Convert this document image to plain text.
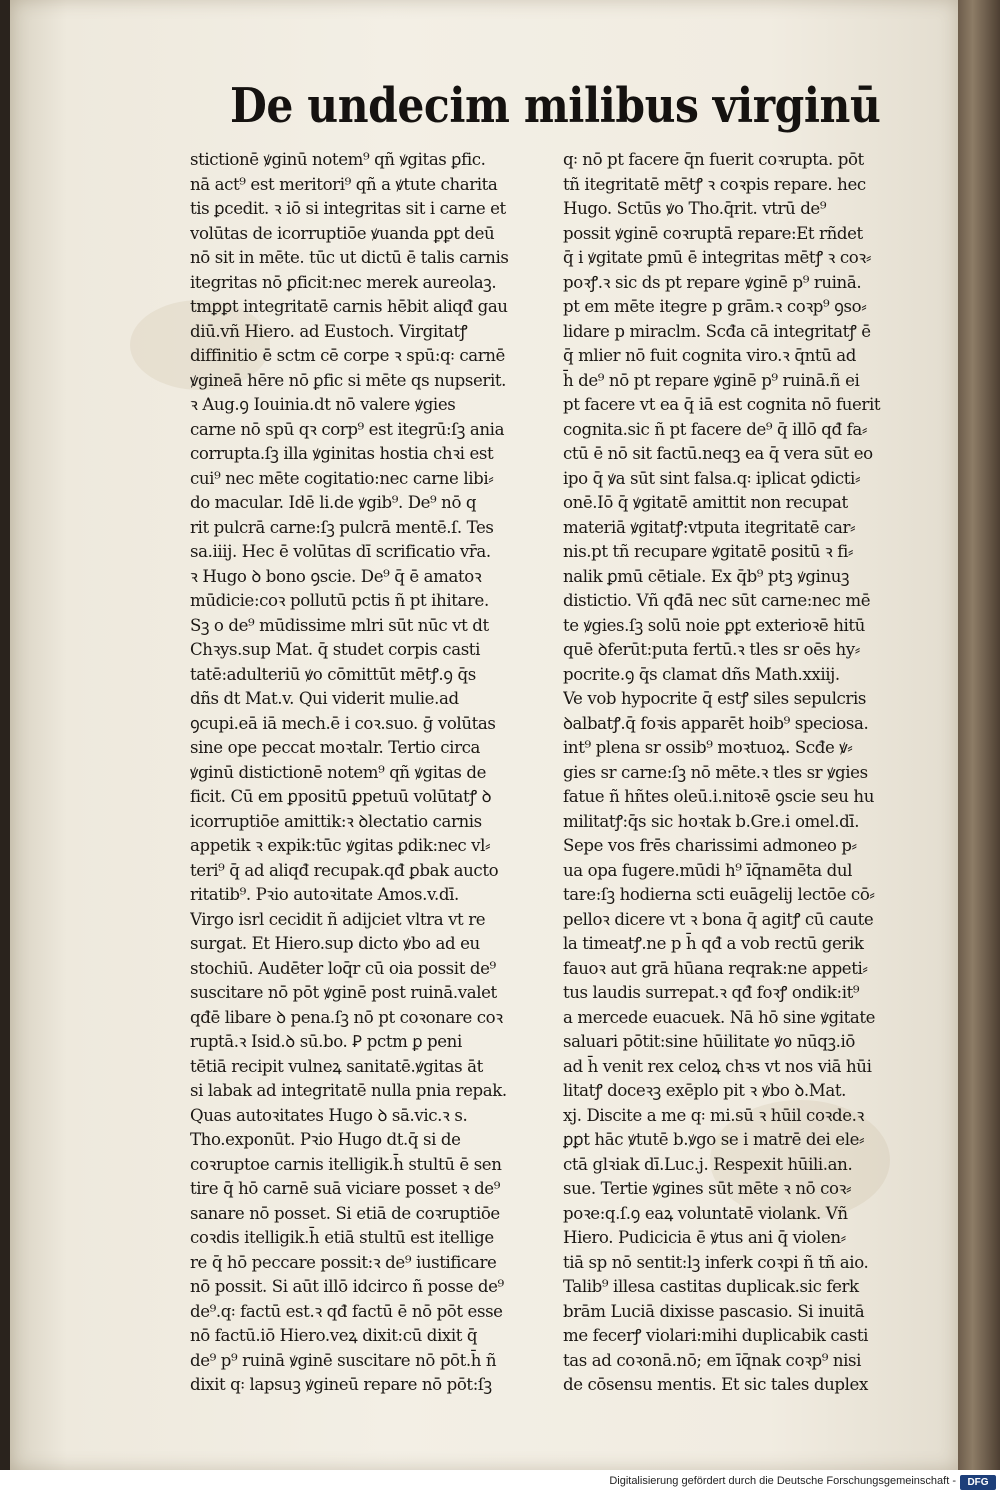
De undecim milibus virginū
stictionē ꝟginū notem⁹ qñ ꝟgitas ꝑfic.
nā act⁹ est meritori⁹ qñ a ꝟtute charita
tis ꝑcedit. ꝛ iō si integritas sit i carne et
volūtas de icorruptiōe ꝟuanda ꝑꝑt deū
nō sit in mēte. tūc ut dictū ē talis carnis
itegritas nō ꝑficit:nec merek aureolaꝫ.
tmꝑꝑt integritatē carnis hēbit aliqđ gau
diū.vñ Hiero. ad Eustoch. Virgitatꝭ
diffinitio ē sctm cē corpe ꝛ spū:q꞉ carnē
ꝟgineā hēre nō ꝑfic si mēte qs nupserit.
ꝛ Aug.ꝯ Iouinia.dt nō valere ꝟgies
carne nō spū qꝛ corp⁹ est itegrū:ſꝫ ania
corrupta.ſꝫ illa ꝟginitas hostia chꝛi est
cui⁹ nec mēte cogitatio:nec carne libi⸗
do macular. Idē li.de ꝟgib⁹. De⁹ nō q
rit pulcrā carne:ſꝫ pulcrā mentē.ſ. Tes
sa.iiij. Hec ē volūtas dī scrificatio vr̄a.
ꝛ Hugo ꝺ bono ꝯscie. De⁹ q̄ ē amatoꝛ
mūdicie:coꝛ pollutū pctis ñ pt ihitare.
Sꝫ o de⁹ mūdissime mlri sūt nūc vt dt
Chꝛys.sup Mat. q̄ studet corpis casti
tatē:adulteriū ꝟo cōmittūt mētꝭ.ꝯ q̄s
dñs dt Mat.v. Qui viderit mulie.ad
ꝯcupi.eā iā mech.ē i coꝛ.suo. ḡ volūtas
sine ope peccat moꝛtalr. Tertio circa
ꝟginū distictionē notem⁹ qñ ꝟgitas de
ficit. Cū em ꝑpositū ꝑpetuū volūtatꝭ ꝺ
icorruptiōe amittik:ꝛ ꝺlectatio carnis
appetik ꝛ expik:tūc ꝟgitas ꝑdik:nec vl⸗
teri⁹ q̄ ad aliqđ recupak.qđ ꝑbak aucto
ritatib⁹. Pꝛio autoꝛitate Amos.v.dī.
Virgo isrl cecidit ñ adijciet vltra vt re
surgat. Et Hiero.sup dicto ꝟbo ad eu
stochiū. Audēter loq̄r cū oia possit de⁹
suscitare nō pōt ꝟginē post ruinā.valet
qđē libare ꝺ pena.ſꝫ nō pt coꝛonare coꝛ
ruptā.ꝛ Isid.ꝺ sū.bo. Ꝑ pctm ꝑ peni
tētiā recipit vulneꝝ sanitatē.ꝟgitas āt
si labak ad integritatē nulla pnia repak.
Quas autoꝛitates Hugo ꝺ sā.vic.ꝛ s.
Tho.exponūt. Pꝛio Hugo dt.q̄ si de
coꝛruptoe carnis itelligik.h̄ stultū ē sen
tire q̄ hō carnē suā viciare posset ꝛ de⁹
sanare nō posset. Si etiā de coꝛruptiōe
coꝛdis itelligik.h̄ etiā stultū est itellige
re q̄ hō peccare possit:ꝛ de⁹ iustificare
nō possit. Si aūt illō idcirco ñ posse de⁹
de⁹.q꞉ factū est.ꝛ qđ factū ē nō pōt esse
nō factū.iō Hiero.veꝝ dixit:cū dixit q̄
de⁹ p⁹ ruinā ꝟginē suscitare nō pōt.h̄ ñ
dixit q꞉ lapsuꝫ ꝟgineū repare nō pōt:ſꝫ
q꞉ nō pt facere q̄n fuerit coꝛrupta. pōt
tñ itegritatē mētꝭ ꝛ coꝛpis repare. hec
Hugo. Sctūs ꝟo Tho.q̄rit. vtrū de⁹
possit ꝟginē coꝛruptā repare:Et rñdet
q̄ i ꝟgitate ꝑmū ē integritas mētꝭ ꝛ coꝛ⸗
poꝛꝭ.ꝛ sic ds pt repare ꝟginē p⁹ ruinā.
pt em mēte itegre p grām.ꝛ coꝛp⁹ ꝯso⸗
lidare p miraclm. Scđa cā integritatꝭ ē
q̄ mlier nō fuit cognita viro.ꝛ q̄ntū ad
h̄ de⁹ nō pt repare ꝟginē p⁹ ruinā.ñ ei
pt facere vt ea q̄ iā est cognita nō fuerit
cognita.sic ñ pt facere de⁹ q̄ illō qđ fa⸗
ctū ē nō sit factū.neqꝫ ea q̄ vera sūt eo
ipo q̄ ꝟa sūt sint falsa.q꞉ iplicat ꝯdicti⸗
onē.Iō q̄ ꝟgitatē amittit non recupat
materiā ꝟgitatꝭ:vtputa itegritatē car⸗
nis.pt tñ recupare ꝟgitatē ꝑositū ꝛ fi⸗
nalik ꝑmū cētiale. Ex q̄b⁹ ptꝫ ꝟginuꝫ
distictio. Vñ qđā nec sūt carne:nec mē
te ꝟgies.ſꝫ solū noie ꝑꝑt exterioꝛē hitū
quē ꝺferūt:puta fertū.ꝛ tles sr oēs hy⸗
pocrite.ꝯ q̄s clamat dñs Math.xxiij.
Ve vob hypocrite q̄ estꝭ siles sepulcris
ꝺalbatꝭ.q̄ foꝛis apparēt hoib⁹ speciosa.
int⁹ plena sr ossib⁹ moꝛtuoꝝ. Scđe ꝟ⸗
gies sr carne:ſꝫ nō mēte.ꝛ tles sr ꝟgies
fatue ñ hñtes oleū.i.nitoꝛē ꝯscie seu hu
militatꝭ:q̄s sic hoꝛtak b.Gre.i omel.dī.
Sepe vos frēs charissimi admoneo p⸗
ua opa fugere.mūdi h⁹ īq̄namēta dul
tare:ſꝫ hodierna scti euāgelij lectōe cō⸗
pelloꝛ dicere vt ꝛ bona q̄ agitꝭ cū caute
la timeatꝭ.ne p h̄ qđ a vob rectū gerik
fauoꝛ aut grā hūana reqrak:ne appeti⸗
tus laudis surrepat.ꝛ qđ foꝛꝭ ondik:it⁹
a mercede euacuek. Nā hō sine ꝟgitate
saluari pōtit:sine hūilitate ꝟo nūqꝫ.iō
ad h̄ venit rex celoꝝ chꝛs vt nos viā hūi
litatꝭ doceꝛꝫ exēplo pit ꝛ ꝟbo ꝺ.Mat.
xj. Discite a me q꞉ mi.sū ꝛ hūil coꝛde.ꝛ
ꝑꝑt hāc ꝟtutē b.ꝟgo se i matrē dei ele⸗
ctā glꝛiak dī.Luc.j. Respexit hūili.an.
sue. Tertie ꝟgines sūt mēte ꝛ nō coꝛ⸗
poꝛe:q.ſ.ꝯ eaꝝ voluntatē violank. Vñ
Hiero. Pudicicia ē ꝟtus ani q̄ violen⸗
tiā sp nō sentit:lꝫ inferk coꝛpi ñ tñ aio.
Talib⁹ illesa castitas duplicak.sic ferk
brām Luciā dixisse pascasio. Si inuitā
me fecerꝭ violari:mihi duplicabik casti
tas ad coꝛonā.nō; em īq̄nak coꝛp⁹ nisi
de cōsensu mentis. Et sic tales duplex
Digitalisierung gefördert durch die Deutsche Forschungsgemeinschaft -	DFG
